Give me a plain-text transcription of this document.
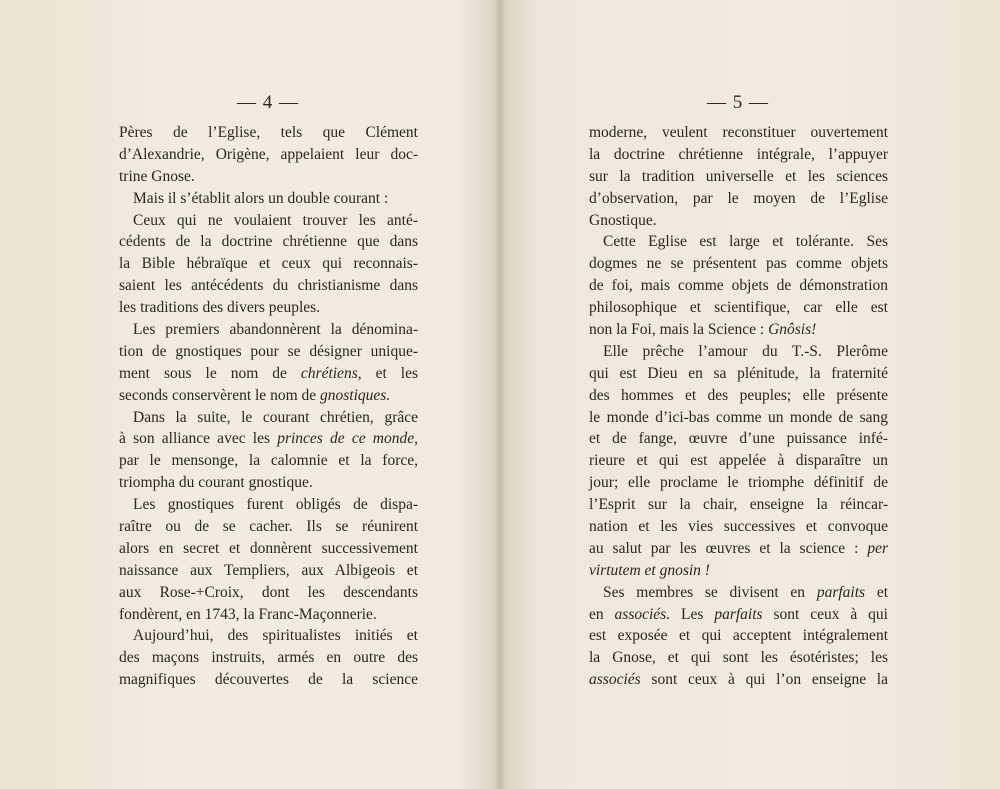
— 4 —
Pères de l’Eglise, tels que Clément
d’Alexandrie, Origène, appelaient leur doc-
trine Gnose.
Mais il s’établit alors un double courant :
Ceux qui ne voulaient trouver les anté-
cédents de la doctrine chrétienne que dans
la Bible hébraïque et ceux qui reconnais-
saient les antécédents du christianisme dans
les traditions des divers peuples.
Les premiers abandonnèrent la dénomina-
tion de gnostiques pour se désigner unique-
ment sous le nom de chrétiens, et les
seconds conservèrent le nom de gnostiques.
Dans la suite, le courant chrétien, grâce
à son alliance avec les princes de ce monde,
par le mensonge, la calomnie et la force,
triompha du courant gnostique.
Les gnostiques furent obligés de dispa-
raître ou de se cacher. Ils se réunirent
alors en secret et donnèrent successivement
naissance aux Templiers, aux Albigeois et
aux Rose-+Croix, dont les descendants
fondèrent, en 1743, la Franc-Maçonnerie.
Aujourd’hui, des spiritualistes initiés et
des maçons instruits, armés en outre des
magnifiques découvertes de la science
— 5 —
moderne, veulent reconstituer ouvertement
la doctrine chrétienne intégrale, l’appuyer
sur la tradition universelle et les sciences
d’observation, par le moyen de l’Eglise
Gnostique.
Cette Eglise est large et tolérante. Ses
dogmes ne se présentent pas comme objets
de foi, mais comme objets de démonstration
philosophique et scientifique, car elle est
non la Foi, mais la Science : Gnôsis!
Elle prêche l’amour du T.-S. Plerôme
qui est Dieu en sa plénitude, la fraternité
des hommes et des peuples; elle présente
le monde d’ici-bas comme un monde de sang
et de fange, œuvre d’une puissance infé-
rieure et qui est appelée à disparaître un
jour; elle proclame le triomphe définitif de
l’Esprit sur la chair, enseigne la réincar-
nation et les vies successives et convoque
au salut par les œuvres et la science : per
virtutem et gnosin !
Ses membres se divisent en parfaits et
en associés. Les parfaits sont ceux à qui
est exposée et qui acceptent intégralement
la Gnose, et qui sont les ésotéristes; les
associés sont ceux à qui l’on enseigne la
